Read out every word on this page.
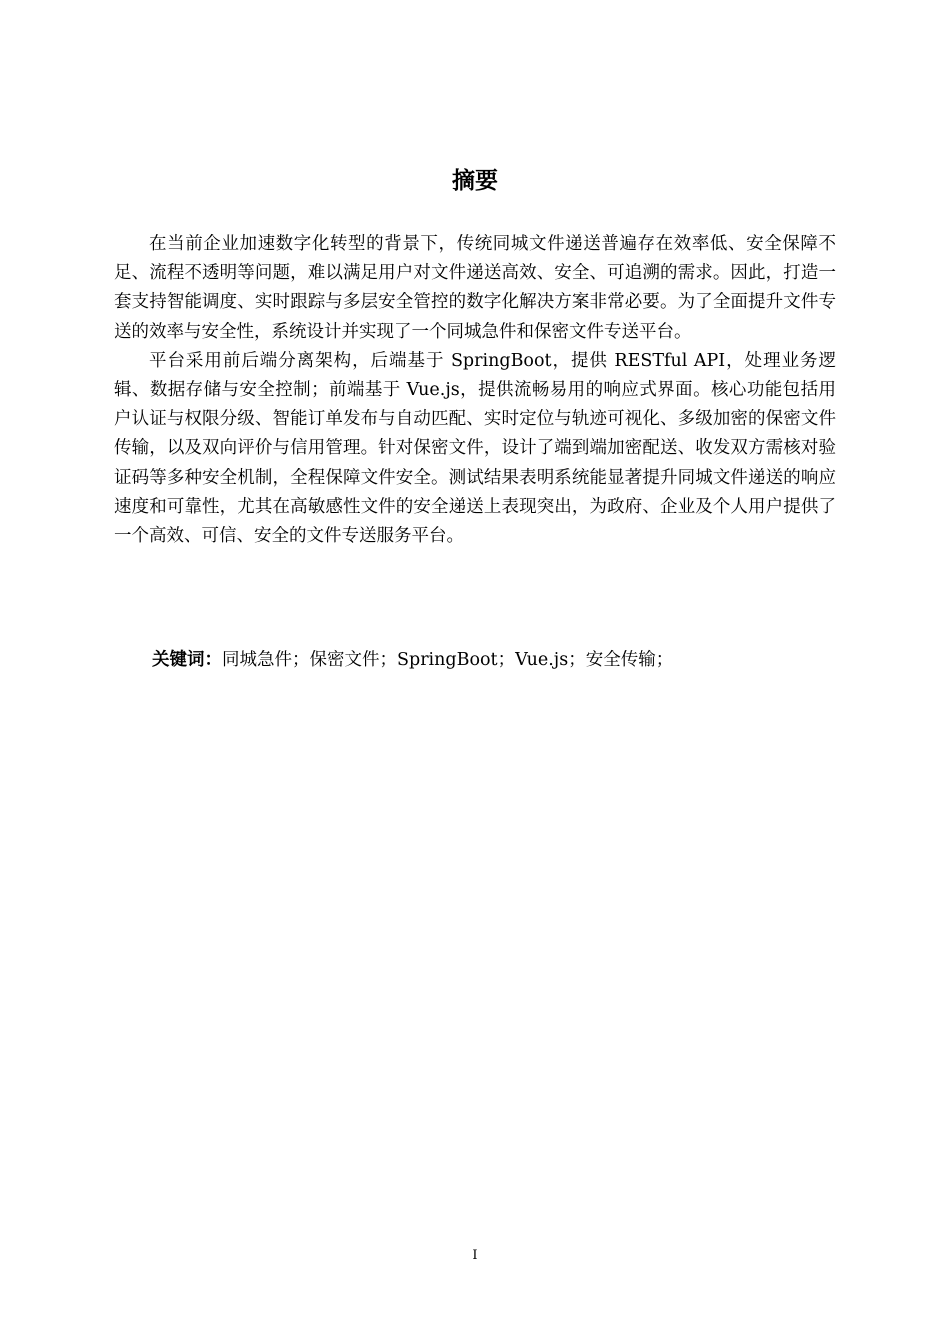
摘要

在当前企业加速数字化转型的背景下，传统同城文件递送普遍存在效率低、安全保障不足、流程不透明等问题，难以满足用户对文件递送高效、安全、可追溯的需求。因此，打造一套支持智能调度、实时跟踪与多层安全管控的数字化解决方案非常必要。为了全面提升文件专送的效率与安全性，系统设计并实现了一个同城急件和保密文件专送平台。

平台采用前后端分离架构，后端基于 SpringBoot，提供 RESTful API，处理业务逻辑、数据存储与安全控制；前端基于 Vue.js，提供流畅易用的响应式界面。核心功能包括用户认证与权限分级、智能订单发布与自动匹配、实时定位与轨迹可视化、多级加密的保密文件传输，以及双向评价与信用管理。针对保密文件，设计了端到端加密配送、收发双方需核对验证码等多种安全机制，全程保障文件安全。测试结果表明系统能显著提升同城文件递送的响应速度和可靠性，尤其在高敏感性文件的安全递送上表现突出，为政府、企业及个人用户提供了一个高效、可信、安全的文件专送服务平台。

关键词：同城急件；保密文件；SpringBoot；Vue.js；安全传输；

I
